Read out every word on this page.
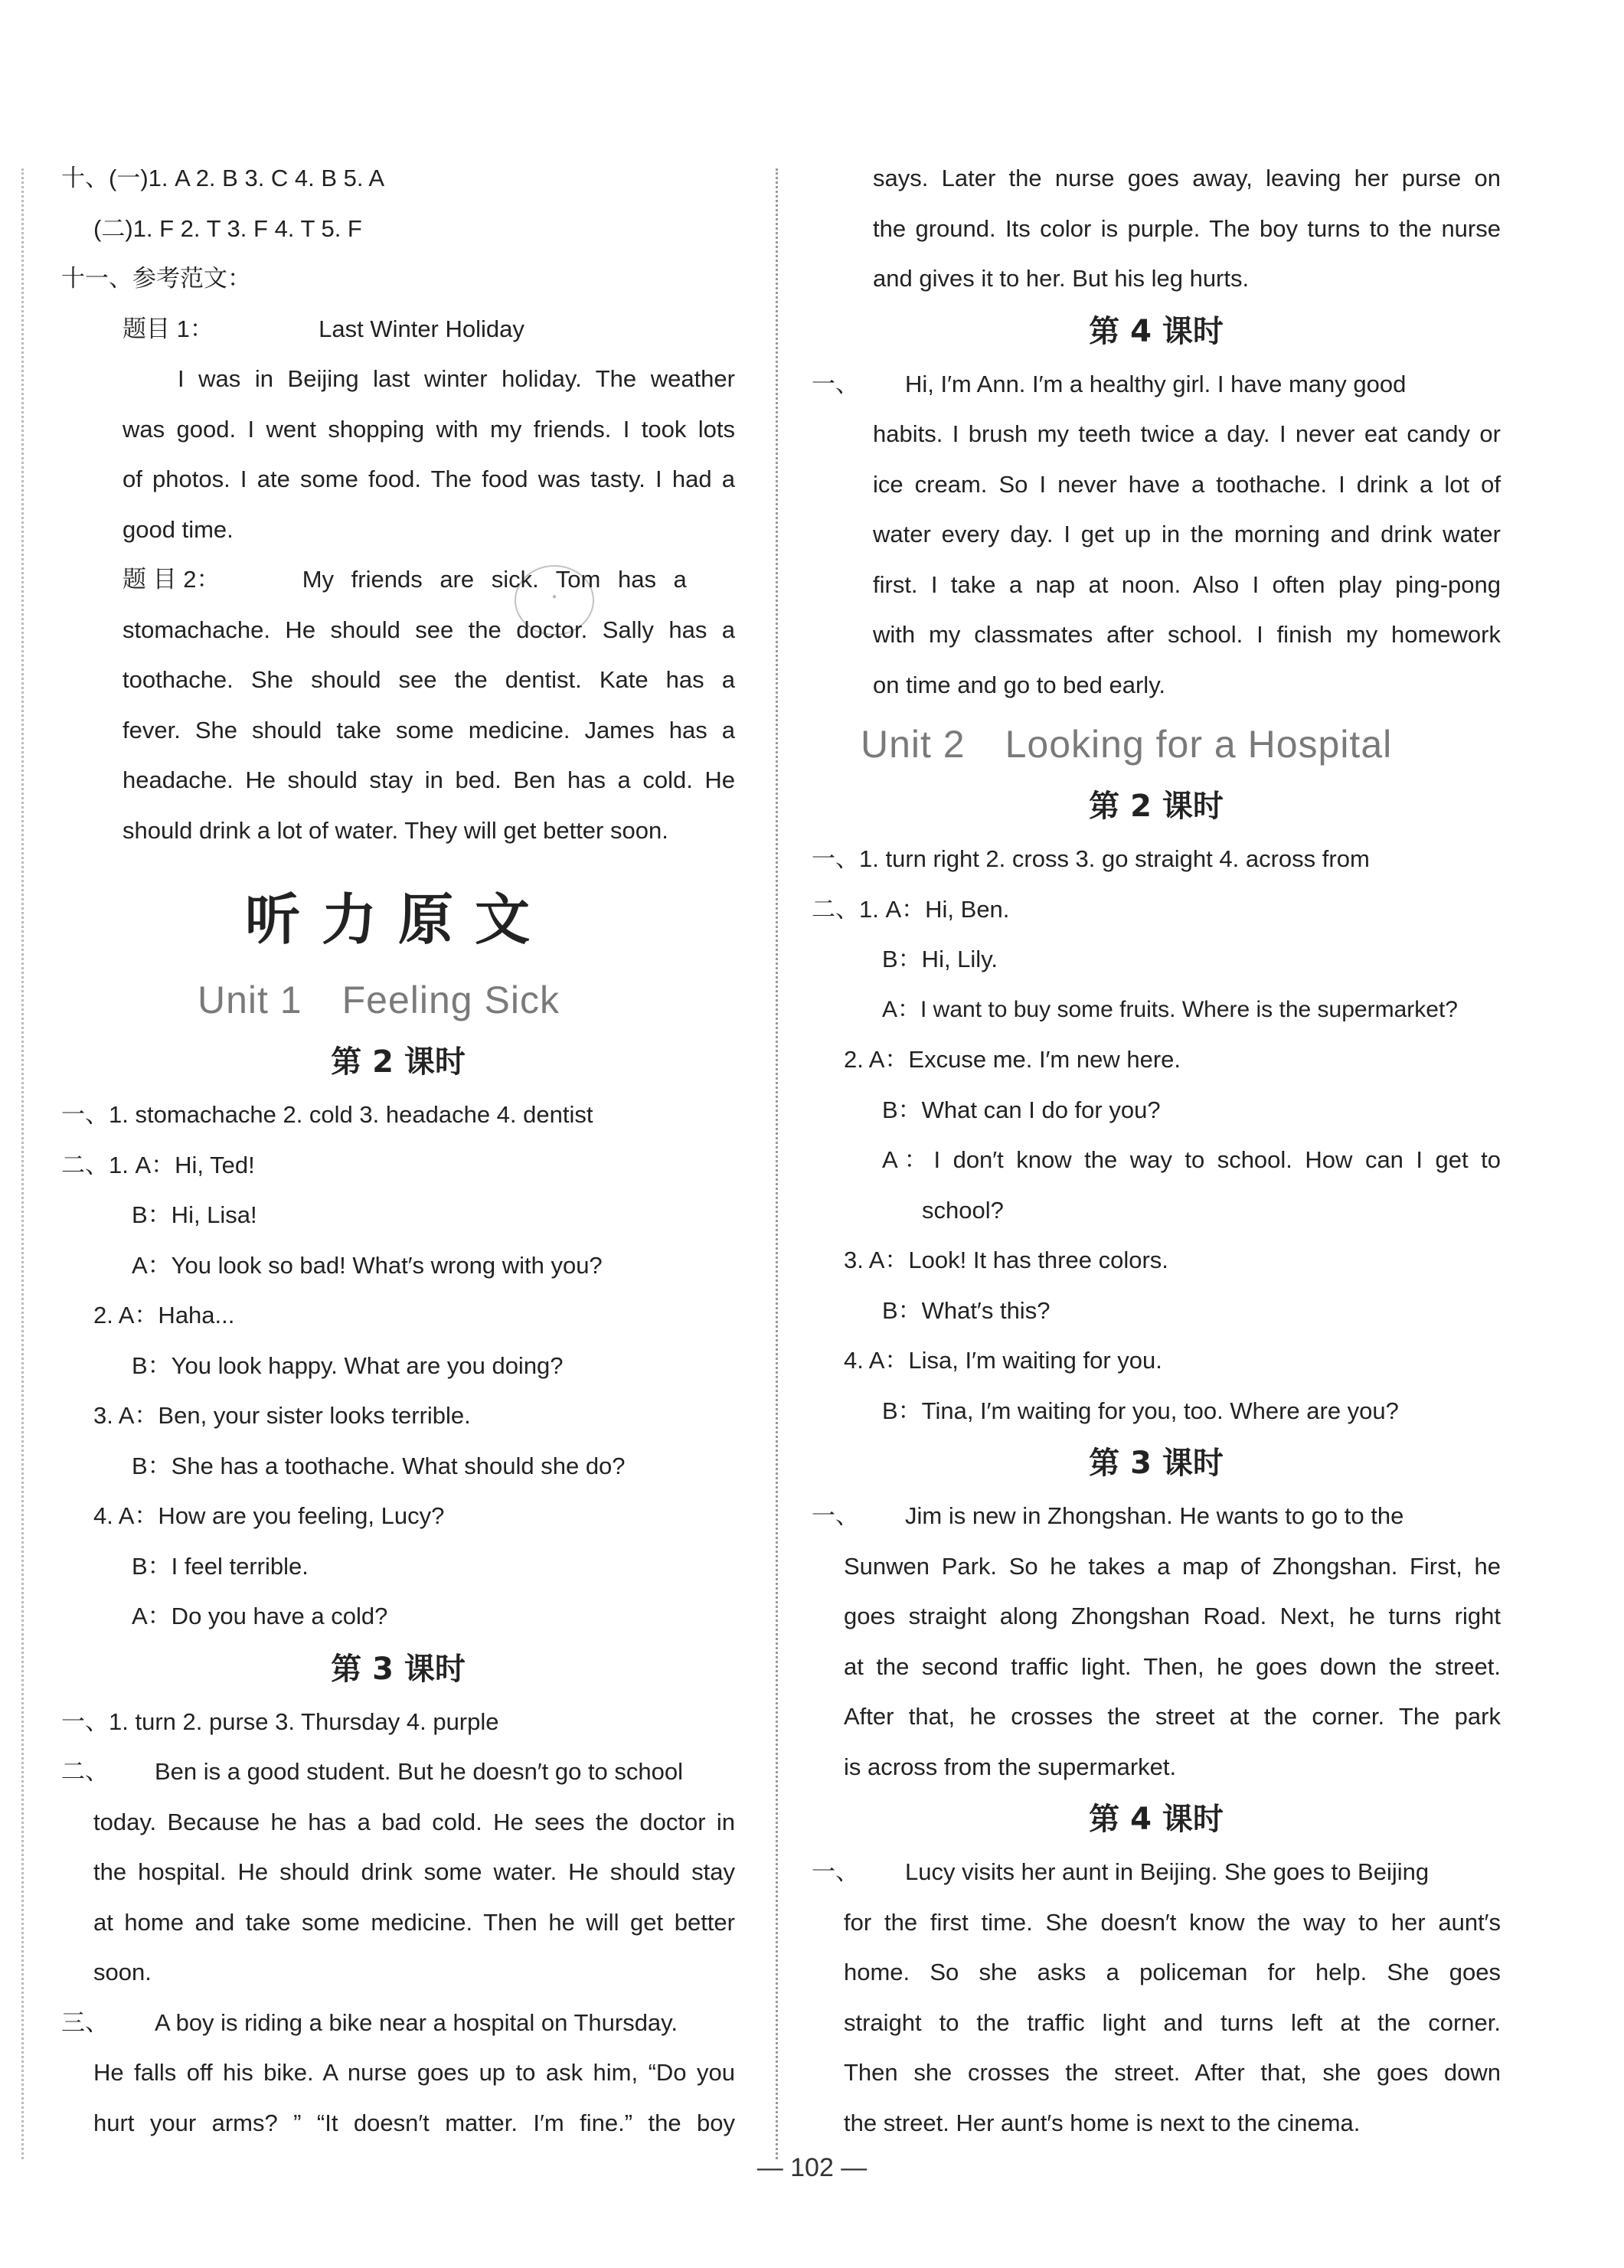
●
十、(一)1. A 2. B 3. C 4. B 5. A
(二)1. F 2. T 3. F 4. T 5. F
十一、参考范文：
题目 1：	Last Winter Holiday
I was in Beijing last winter holiday. The weather
was good. I went shopping with my friends. I took lots
of photos. I ate some food. The food was tasty. I had a
good time.
题 目 2：	My friends are sick. Tom has a
stomachache. He should see the doctor. Sally has a
toothache. She should see the dentist. Kate has a
fever. She should take some medicine. James has a
headache. He should stay in bed. Ben has a cold. He
should drink a lot of water. They will get better soon.
听力原文
Unit 1 Feeling Sick
第 2 课时
一、1. stomachache 2. cold 3. headache 4. dentist
二、1. A：Hi, Ted!
B：Hi, Lisa!
A：You look so bad! What′s wrong with you?
2. A：Haha...
B：You look happy. What are you doing?
3. A：Ben, your sister looks terrible.
B：She has a toothache. What should she do?
4. A：How are you feeling, Lucy?
B：I feel terrible.
A：Do you have a cold?
第 3 课时
一、1. turn 2. purse 3. Thursday 4. purple
二、 Ben is a good student. But he doesn′t go to school
today. Because he has a bad cold. He sees the doctor in
the hospital. He should drink some water. He should stay
at home and take some medicine. Then he will get better
soon.
三、 A boy is riding a bike near a hospital on Thursday.
He falls off his bike. A nurse goes up to ask him, “Do you
hurt your arms? ” “It doesn′t matter. I′m fine.” the boy
says. Later the nurse goes away, leaving her purse on
the ground. Its color is purple. The boy turns to the nurse
and gives it to her. But his leg hurts.
第 4 课时
一、 Hi, I′m Ann. I′m a healthy girl. I have many good
habits. I brush my teeth twice a day. I never eat candy or
ice cream. So I never have a toothache. I drink a lot of
water every day. I get up in the morning and drink water
first. I take a nap at noon. Also I often play ping-pong
with my classmates after school. I finish my homework
on time and go to bed early.
Unit 2 Looking for a Hospital
第 2 课时
一、1. turn right 2. cross 3. go straight 4. across from
二、1. A：Hi, Ben.
B：Hi, Lily.
A：I want to buy some fruits. Where is the supermarket?
2. A：Excuse me. I′m new here.
B：What can I do for you?
A：I don′t know the way to school. How can I get to
school?
3. A：Look! It has three colors.
B：What′s this?
4. A：Lisa, I′m waiting for you.
B：Tina, I′m waiting for you, too. Where are you?
第 3 课时
一、 Jim is new in Zhongshan. He wants to go to the
Sunwen Park. So he takes a map of Zhongshan. First, he
goes straight along Zhongshan Road. Next, he turns right
at the second traffic light. Then, he goes down the street.
After that, he crosses the street at the corner. The park
is across from the supermarket.
第 4 课时
一、 Lucy visits her aunt in Beijing. She goes to Beijing
for the first time. She doesn′t know the way to her aunt′s
home. So she asks a policeman for help. She goes
straight to the traffic light and turns left at the corner.
Then she crosses the street. After that, she goes down
the street. Her aunt′s home is next to the cinema.
— 102 —
